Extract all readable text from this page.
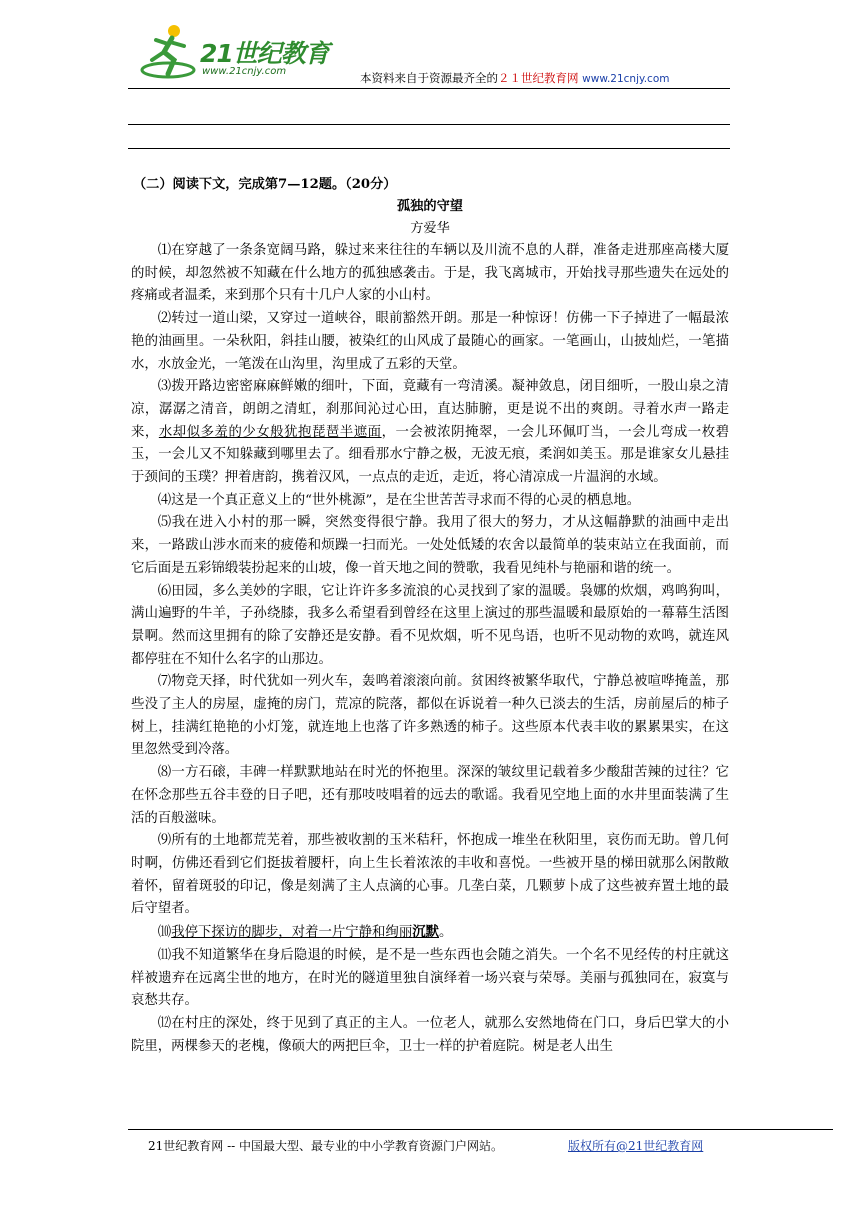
21世纪教育
www.21cnjy.com	本资料来自于资源最齐全的２１世纪教育网 www.21cnjy.com
（二）阅读下文，完成第7—12题。（20分）
孤独的守望
方爱华

⑴在穿越了一条条宽阔马路，躲过来来往往的车辆以及川流不息的人群，准备走进那座高楼大厦的时候，却忽然被不知藏在什么地方的孤独感袭击。于是，我飞离城市，开始找寻那些遗失在远处的疼痛或者温柔，来到那个只有十几户人家的小山村。

⑵转过一道山梁，又穿过一道峡谷，眼前豁然开朗。那是一种惊讶！仿佛一下子掉进了一幅最浓艳的油画里。一朵秋阳，斜挂山腰，被染红的山风成了最随心的画家。一笔画山，山披灿烂，一笔描水，水放金光，一笔泼在山沟里，沟里成了五彩的天堂。

⑶拨开路边密密麻麻鲜嫩的细叶，下面，竟藏有一弯清溪。凝神敛息，闭目细听，一股山泉之清凉，潺潺之清音，朗朗之清虹，刹那间沁过心田，直达肺腑，更是说不出的爽朗。寻着水声一路走来，水却似多羞的少女般犹抱琵琶半遮面，一会被浓阴掩翠，一会儿环佩叮当，一会儿弯成一枚碧玉，一会儿又不知躲藏到哪里去了。细看那水宁静之极，无波无痕，柔润如美玉。那是谁家女儿悬挂于颈间的玉璞？押着唐韵，携着汉风，一点点的走近，走近，将心清凉成一片温润的水域。

⑷这是一个真正意义上的“世外桃源”，是在尘世苦苦寻求而不得的心灵的栖息地。

⑸我在进入小村的那一瞬，突然变得很宁静。我用了很大的努力，才从这幅静默的油画中走出来，一路跋山涉水而来的疲倦和烦躁一扫而光。一处处低矮的农舍以最简单的装束站立在我面前，而它后面是五彩锦缎装扮起来的山坡，像一首天地之间的赞歌，我看见纯朴与艳丽和谐的统一。

⑹田园，多么美妙的字眼，它让许许多多流浪的心灵找到了家的温暖。袅娜的炊烟，鸡鸣狗叫，满山遍野的牛羊，子孙绕膝，我多么希望看到曾经在这里上演过的那些温暖和最原始的一幕幕生活图景啊。然而这里拥有的除了安静还是安静。看不见炊烟，听不见鸟语，也听不见动物的欢鸣，就连风都停驻在不知什么名字的山那边。

⑺物竞天择，时代犹如一列火车，轰鸣着滚滚向前。贫困终被繁华取代，宁静总被喧哗掩盖，那些没了主人的房屋，虚掩的房门，荒凉的院落，都似在诉说着一种久已淡去的生活，房前屋后的柿子树上，挂满红艳艳的小灯笼，就连地上也落了许多熟透的柿子。这些原本代表丰收的累累果实，在这里忽然受到冷落。

⑻一方石磙，丰碑一样默默地站在时光的怀抱里。深深的皱纹里记载着多少酸甜苦辣的过往？它在怀念那些五谷丰登的日子吧，还有那吱吱唱着的远去的歌谣。我看见空地上面的水井里面装满了生活的百般滋味。

⑼所有的土地都荒芜着，那些被收割的玉米秸秆，怀抱成一堆坐在秋阳里，哀伤而无助。曾几何时啊，仿佛还看到它们挺拔着腰杆，向上生长着浓浓的丰收和喜悦。一些被开垦的梯田就那么闲散敞着怀，留着斑驳的印记，像是刻满了主人点滴的心事。几垄白菜，几颗萝卜成了这些被弃置土地的最后守望者。

⑽我停下探访的脚步，对着一片宁静和绚丽沉默。

⑾我不知道繁华在身后隐退的时候，是不是一些东西也会随之消失。一个名不见经传的村庄就这样被遗弃在远离尘世的地方，在时光的隧道里独自演绎着一场兴衰与荣辱。美丽与孤独同在，寂寞与哀愁共存。

⑿在村庄的深处，终于见到了真正的主人。一位老人，就那么安然地倚在门口，身后巴掌大的小院里，两棵参天的老槐，像硕大的两把巨伞，卫士一样的护着庭院。树是老人出生

21世纪教育网 -- 中国最大型、最专业的中小学教育资源门户网站。	版权所有@21世纪教育网
